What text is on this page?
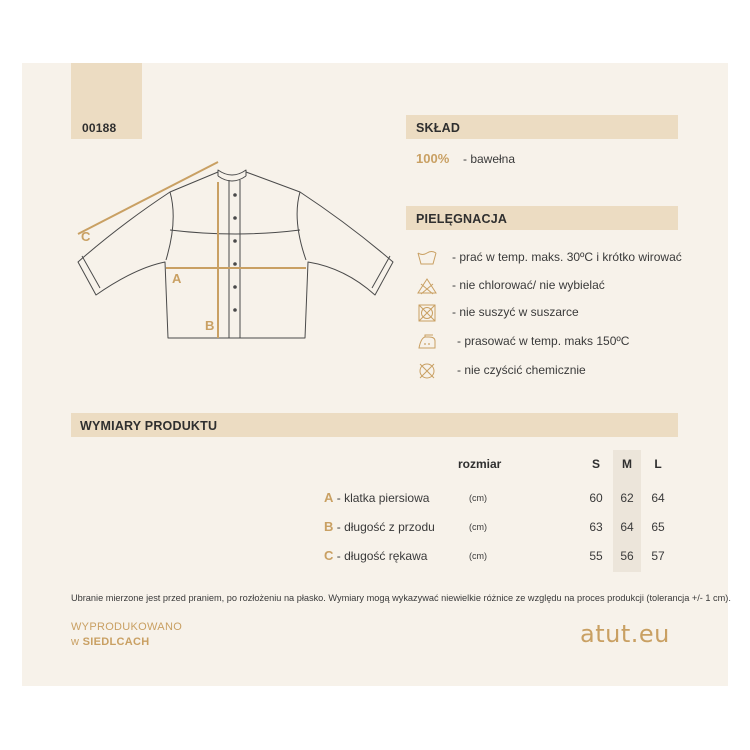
00188
C
A
B
SKŁAD
100% - bawełna
PIELĘGNACJA
- prać w temp. maks. 30ºC i krótko wirować
- nie chlorować/ nie wybielać
- nie suszyć w suszarce
- prasować w temp. maks 150ºC
- nie czyścić chemicznie
WYMIARY PRODUKTU
rozmiar	S	M	L
A - klatka piersiowa	(cm)	60	62	64
B - długość z przodu	(cm)	63	64	65
C - długość rękawa	(cm)	55	56	57
Ubranie mierzone jest przed praniem, po rozłożeniu na płasko. Wymiary mogą wykazywać niewielkie różnice ze względu na proces produkcji (tolerancja +/- 1 cm).
WYPRODUKOWANO
w SIEDLCACH	atut.eu
